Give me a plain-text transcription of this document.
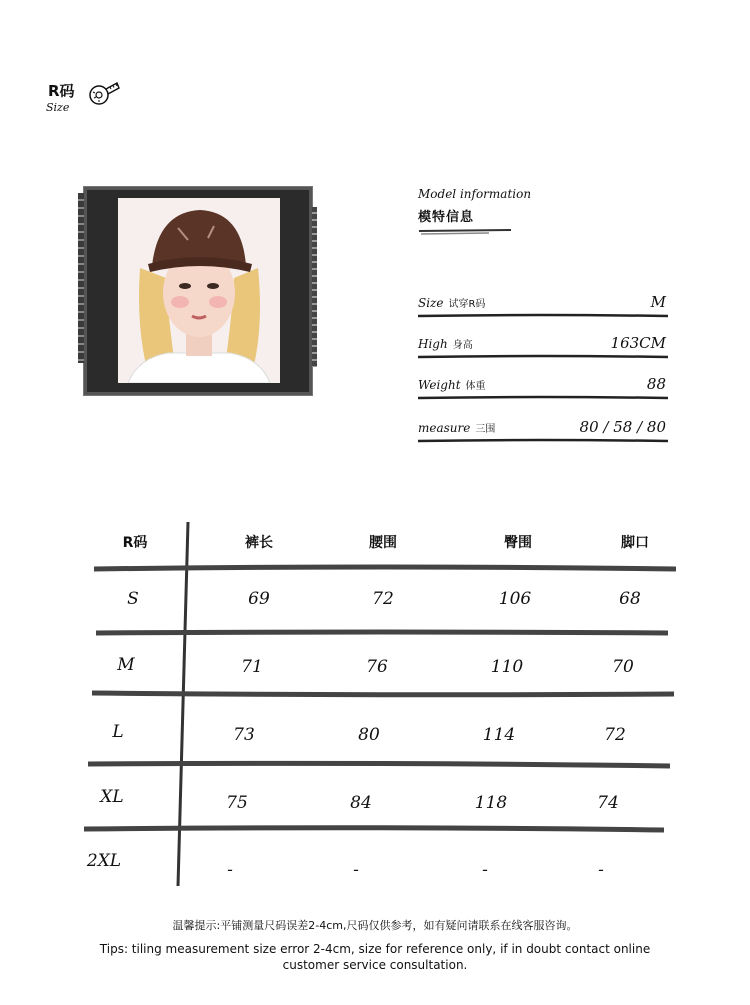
R码
Size
Model information
模特信息
Size 试穿R码	M
High 身高	163CM
Weight 体重	88
measure 三围	80 / 58 / 80
R码	裤长	腰围	臀围	脚口
S	69	72	106	68
M	71	76	110	70
L	73	80	114	72
XL	75	84	118	74
2XL	-	-	-	-
温馨提示:平铺测量尺码误差2-4cm,尺码仅供参考，如有疑问请联系在线客服咨询。
Tips: tiling measurement size error 2-4cm, size for reference only, if in doubt contact online customer service consultation.
